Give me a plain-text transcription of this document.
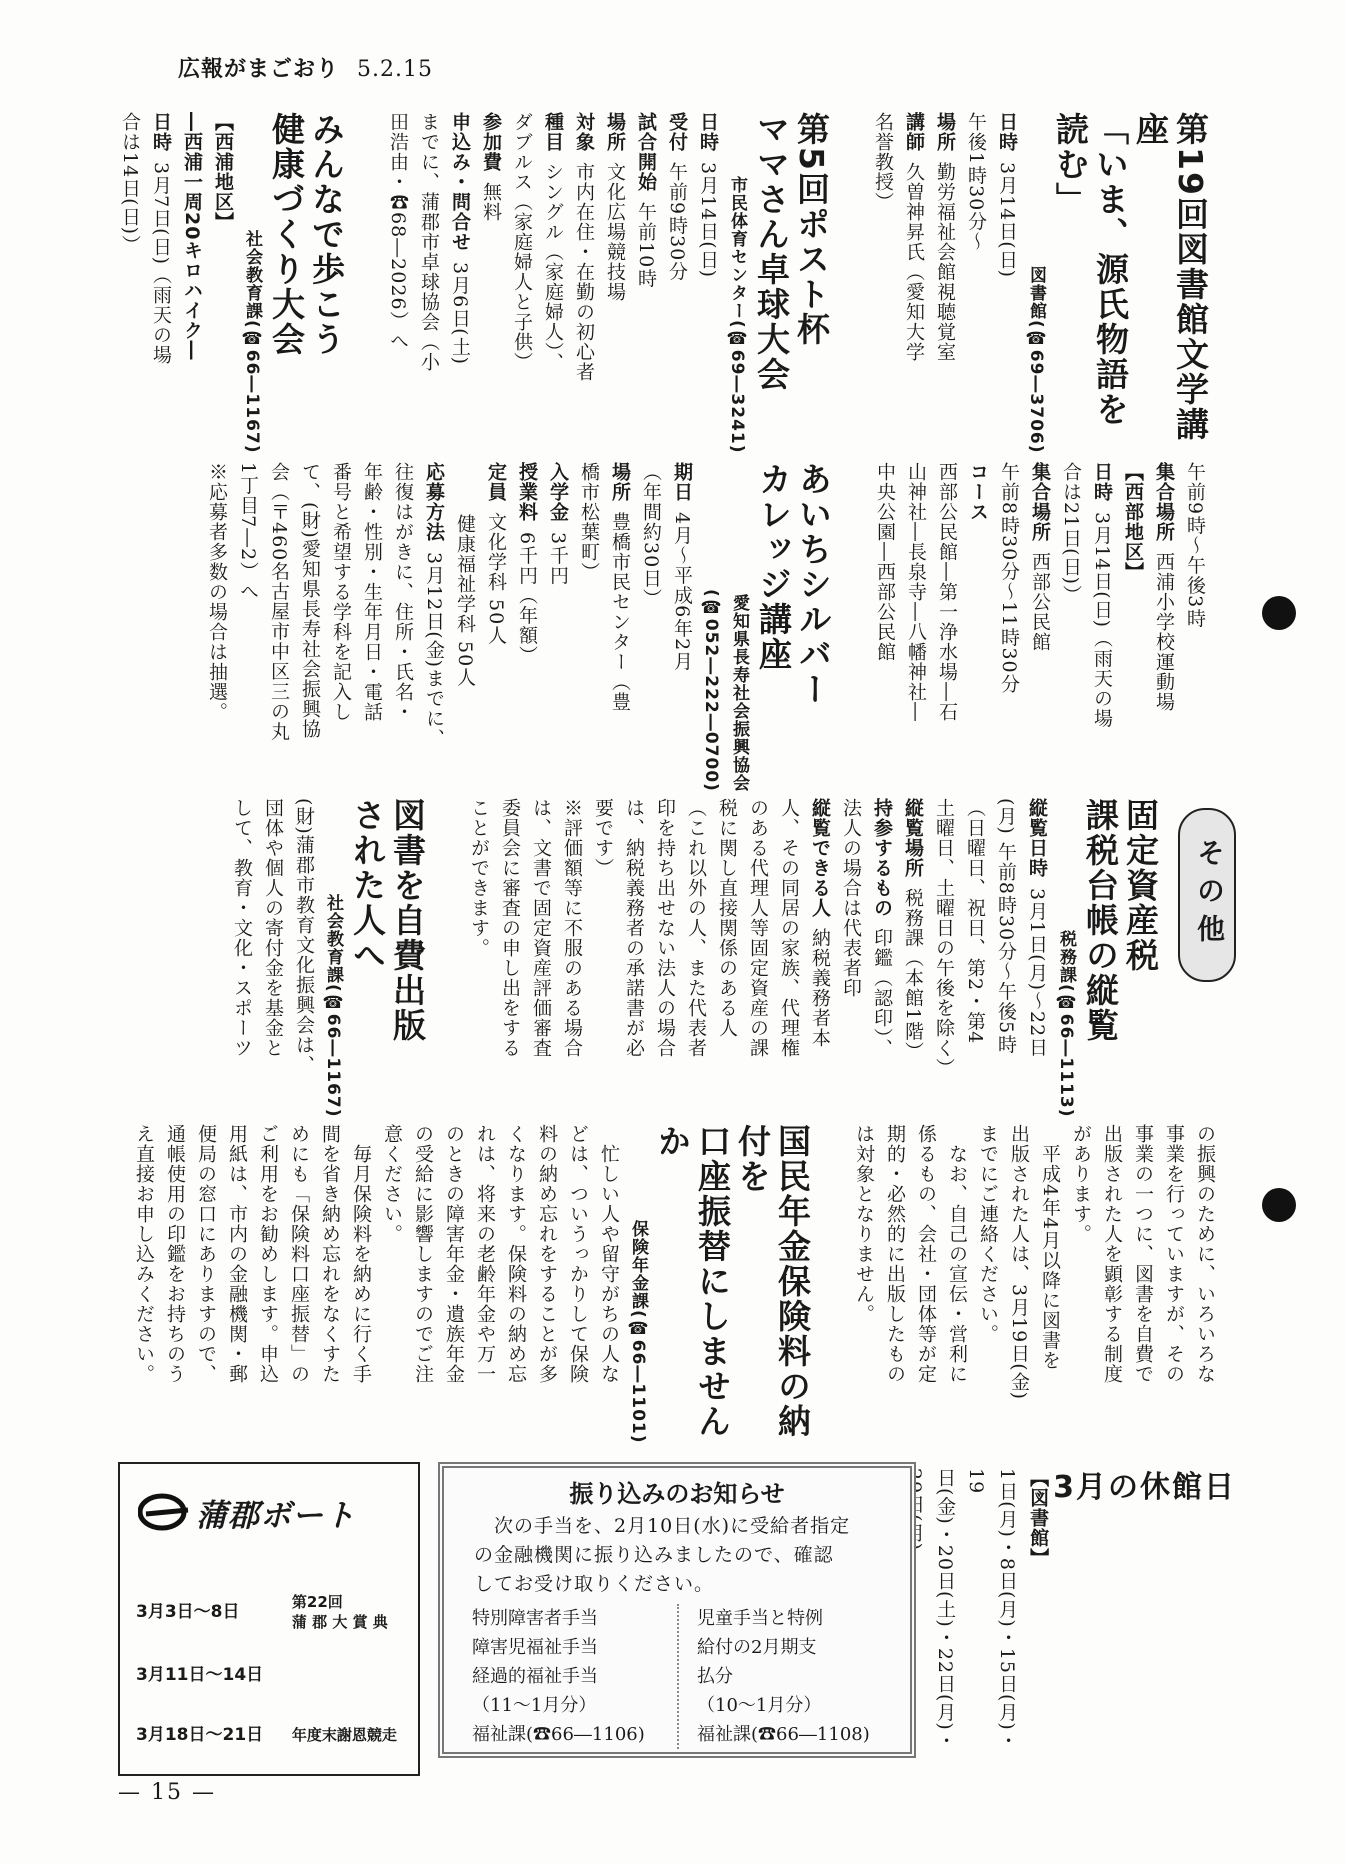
広報がまごおり 5.2.15

第19回図書館文学講座

「いま、源氏物語を読む」

図書館(☎69―3706)

日時3月14日(日)

午後1時30分～

場所勤労福祉会館視聴覚室

講師久曽神昇氏（愛知大学

名誉教授）

第5回ポスト杯

ママさん卓球大会

市民体育センター(☎69―3241)

日時3月14日(日)

受付午前9時30分

試合開始午前10時

場所文化広場競技場

対象市内在住・在勤の初心者

種目シングル（家庭婦人）、

ダブルス（家庭婦人と子供）

参加費無料

申込み・問合せ3月6日(土)

までに、蒲郡市卓球協会（小

田浩由・☎68―2026）へ

みんなで歩こう

健康づくり大会

社会教育課(☎66―1167)

【西浦地区】

―西浦一周20キロハイク―

日時3月7日(日)（雨天の場

合は14日(日)）

午前9時～午後3時

集合場所西浦小学校運動場

【西部地区】

日時3月14日(日)（雨天の場

合は21日(日)）

集合場所西部公民館

午前8時30分～11時30分

コース

西部公民館―第一浄水場―石

山神社―長泉寺―八幡神社―

中央公園―西部公民館

あいちシルバー

カレッジ講座

愛知県長寿社会振興協会

(☎052―222―0700)

期日4月～平成6年2月

（年間約30日）

場所豊橋市民センター（豊

橋市松葉町）

入学金3千円

授業料6千円（年額）

定員文化学科 50人

健康福祉学科 50人

応募方法3月12日(金)までに、

往復はがきに、住所・氏名・

年齢・性別・生年月日・電話

番号と希望する学科を記入し

て、(財)愛知県長寿社会振興協

会（〒460名古屋市中区三の丸

1丁目7―2）へ

※応募者多数の場合は抽選。

その他

固定資産税

課税台帳の縦覧

税務課(☎66―1113)

縦覧日時3月1日(月)～22日

(月) 午前8時30分～午後5時

（日曜日、祝日、第2・第4

土曜日、土曜日の午後を除く）

縦覧場所税務課（本館1階）

持参するもの印鑑（認印）、

法人の場合は代表者印

縦覧できる人納税義務者本

人、その同居の家族、代理権

のある代理人等固定資産の課

税に関し直接関係のある人

（これ以外の人、また代表者

印を持ち出せない法人の場合

は、納税義務者の承諾書が必

要です）

※評価額等に不服のある場合

は、文書で固定資産評価審査

委員会に審査の申し出をする

ことができます。

図書を自費出版

された人へ

社会教育課(☎66―1167)

(財)蒲郡市教育文化振興会は、

団体や個人の寄付金を基金と

して、教育・文化・スポーツ

の振興のために、いろいろな

事業を行っていますが、その

事業の一つに、図書を自費で

出版された人を顕彰する制度

があります。

　平成4年4月以降に図書を

出版された人は、3月19日(金)

までにご連絡ください。

　なお、自己の宣伝・営利に

係るもの、会社・団体等が定

期的・必然的に出版したもの

は対象となりません。

国民年金保険料の納付を

口座振替にしませんか

保険年金課(☎66―1101)

　忙しい人や留守がちの人な

どは、ついうっかりして保険

料の納め忘れをすることが多

くなります。保険料の納め忘

れは、将来の老齢年金や万一

のときの障害年金・遺族年金

の受給に影響しますのでご注

意ください。

　毎月保険料を納めに行く手

間を省き納め忘れをなくすた

めにも「保険料口座振替」の

ご利用をお勧めします。申込

用紙は、市内の金融機関・郵

便局の窓口にありますので、

通帳使用の印鑑をお持ちのう

え直接お申し込みください。

3月の休館日

【図書館】

1日(月)・8日(月)・15日(月)・19

日(金)・20日(土)・22日(月)・

蒲郡ボート
3月3日～8日	第22回
蒲 郡 大 賞 典
3月11日～14日
3月18日～21日 年度末謝恩競走
振り込みのお知らせ
次の手当を、2月10日(水)に受給者指定
の金融機関に振り込みましたので、確認
してお受け取りください。
特別障害者手当
障害児福祉手当
経過的福祉手当
（11～1月分）
福祉課(☎66―1106)
児童手当と特例
給付の2月期支
払分
（10～1月分）
福祉課(☎66―1108)
— 15 —
